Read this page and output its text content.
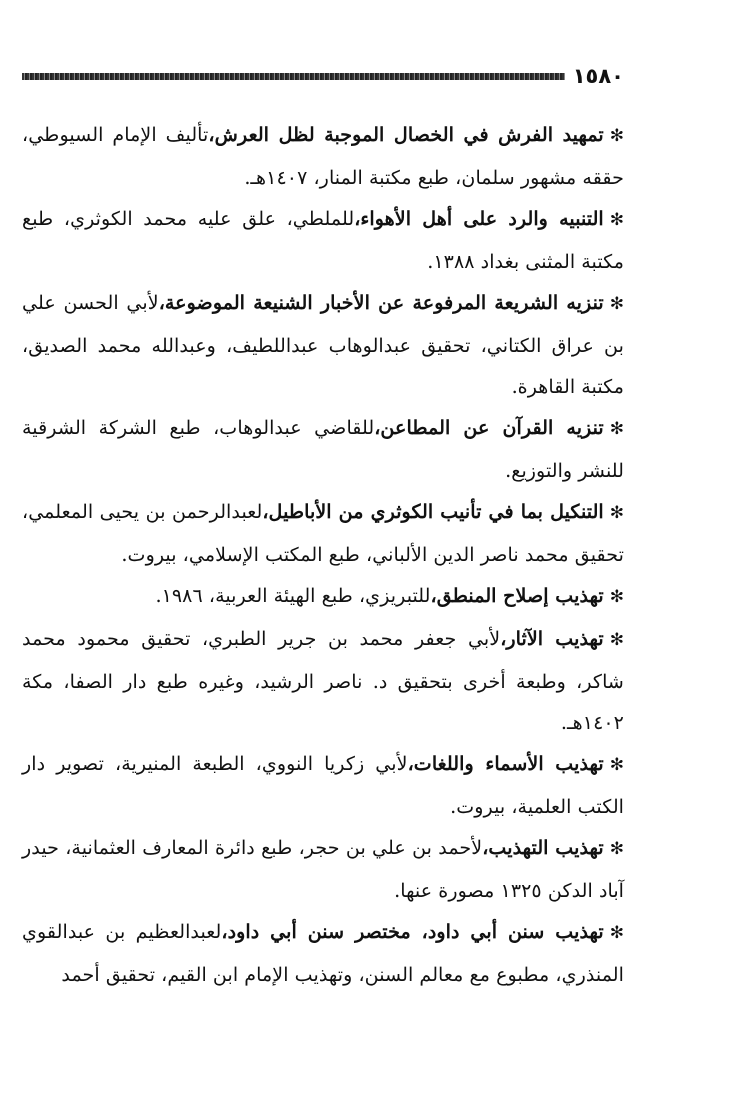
١٥٨٠

✻تمهيد الفرش في الخصال الموجبة لظل العرش،تأليف الإمام السيوطي، حققه مشهور سلمان، طبع مكتبة المنار، ١٤٠٧هـ.

✻التنبيه والرد على أهل الأهواء،للملطي، علق عليه محمد الكوثري، طبع مكتبة المثنى بغداد ١٣٨٨.

✻تنزيه الشريعة المرفوعة عن الأخبار الشنيعة الموضوعة،لأبي الحسن علي بن عراق الكتاني، تحقيق عبدالوهاب عبداللطيف، وعبدالله محمد الصديق، مكتبة القاهرة.

✻تنزيه القرآن عن المطاعن،للقاضي عبدالوهاب، طبع الشركة الشرقية للنشر والتوزيع.

✻التنكيل بما في تأنيب الكوثري من الأباطيل،لعبدالرحمن بن يحيى المعلمي، تحقيق محمد ناصر الدين الألباني، طبع المكتب الإسلامي، بيروت.

✻تهذيب إصلاح المنطق،للتبريزي، طبع الهيئة العربية، ١٩٨٦.

✻تهذيب الآثار،لأبي جعفر محمد بن جرير الطبري، تحقيق محمود محمد شاكر، وطبعة أخرى بتحقيق د. ناصر الرشيد، وغيره طبع دار الصفا، مكة ١٤٠٢هـ.

✻تهذيب الأسماء واللغات،لأبي زكريا النووي، الطبعة المنيرية، تصوير دار الكتب العلمية، بيروت.

✻تهذيب التهذيب،لأحمد بن علي بن حجر، طبع دائرة المعارف العثمانية، حيدر آباد الدكن ١٣٢٥ مصورة عنها.

✻تهذيب سنن أبي داود، مختصر سنن أبي داود،لعبدالعظيم بن عبدالقوي المنذري، مطبوع مع معالم السنن، وتهذيب الإمام ابن القيم، تحقيق أحمد
